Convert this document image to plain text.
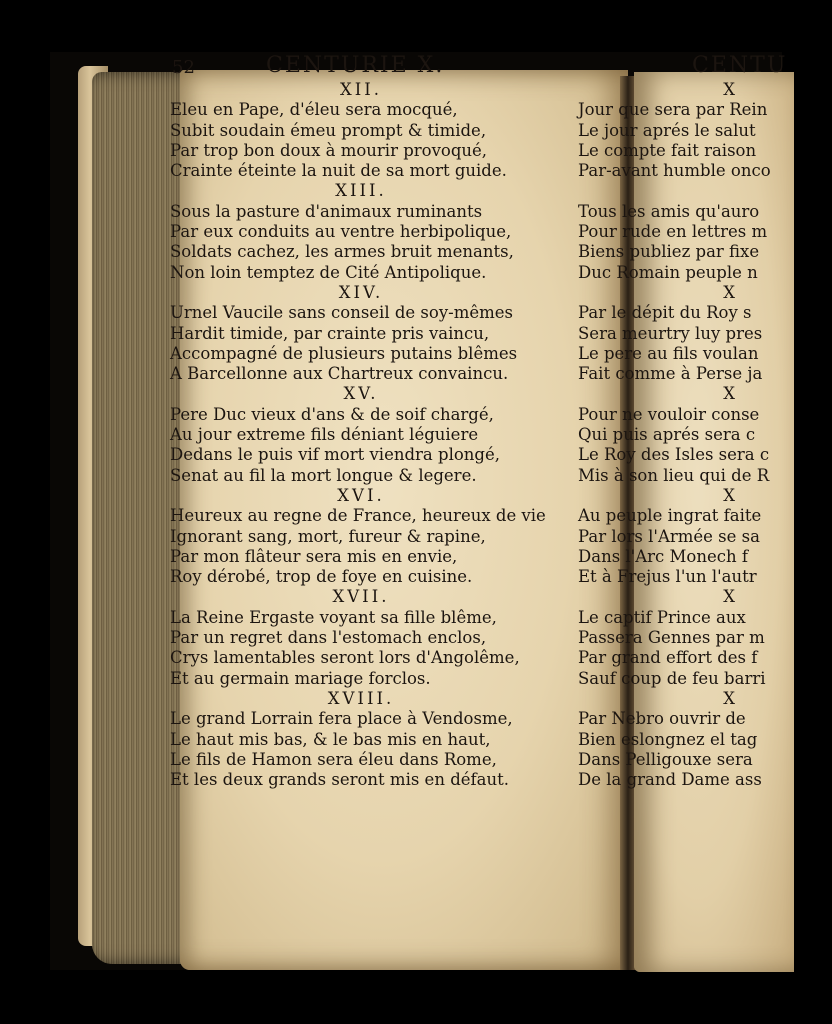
52	CENTURIE X.
XII.
Eleu en Pape, d'éleu sera mocqué,
Subit soudain émeu prompt & timide,
Par trop bon doux à mourir provoqué,
Crainte éteinte la nuit de sa mort guide.
XIII.
Sous la pasture d'animaux ruminants
Par eux conduits au ventre herbipolique,
Soldats cachez, les armes bruit menants,
Non loin temptez de Cité Antipolique.
XIV.
Urnel Vaucile sans conseil de soy-mêmes
Hardit timide, par crainte pris vaincu,
Accompagné de plusieurs putains blêmes
A Barcellonne aux Chartreux convaincu.
XV.
Pere Duc vieux d'ans & de soif chargé,
Au jour extreme fils déniant léguiere
Dedans le puis vif mort viendra plongé,
Senat au fil la mort longue & legere.
XVI.
Heureux au regne de France, heureux de vie
Ignorant sang, mort, fureur & rapine,
Par mon flâteur sera mis en envie,
Roy dérobé, trop de foye en cuisine.
XVII.
La Reine Ergaste voyant sa fille blême,
Par un regret dans l'estomach enclos,
Crys lamentables seront lors d'Angolême,
Et au germain mariage forclos.
XVIII.
Le grand Lorrain fera place à Vendosme,
Le haut mis bas, & le bas mis en haut,
Le fils de Hamon sera éleu dans Rome,
Et les deux grands seront mis en défaut.
CENTU
X
Jour que sera par Rein
Le jour aprés le salut
Le compte fait raison
Par-avant humble onco

Tous les amis qu'auro
Pour rude en lettres m
Biens publiez par fixe
Duc Romain peuple n
X
Par le dépit du Roy s
Sera meurtry luy pres
Le pere au fils voulan
Fait comme à Perse ja
X
Pour ne vouloir conse
Qui puis aprés sera c
Le Roy des Isles sera c
Mis à son lieu qui de R
X
Au peuple ingrat faite
Par lors l'Armée se sa
Dans l'Arc Monech f
Et à Frejus l'un l'autr
X
Le captif Prince aux
Passera Gennes par m
Par grand effort des f
Sauf coup de feu barri
X
Par Nebro ouvrir de
Bien eslongnez el tag
Dans Pelligouxe sera
De la grand Dame ass
